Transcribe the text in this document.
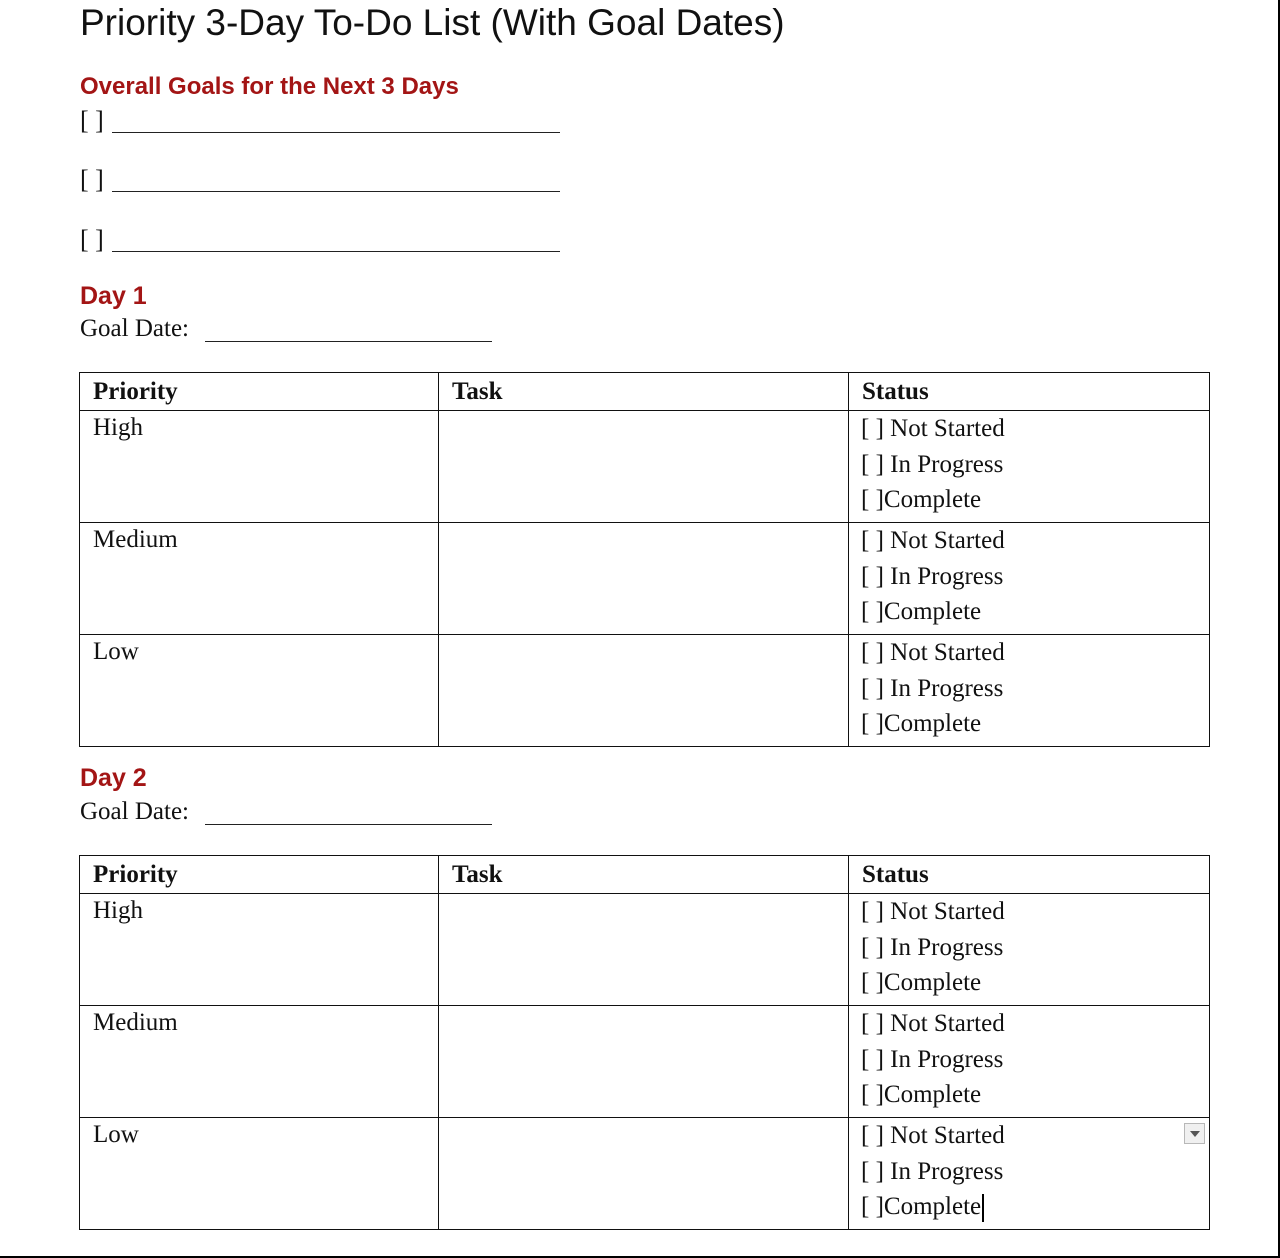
Priority 3-Day To-Do List (With Goal Dates)
Overall Goals for the Next 3 Days
[ ]
[ ]
[ ]
Day 1
Goal Date:
Priority	Task	Status
High		[ ] Not Started
[ ] In Progress
[ ]Complete

Medium		[ ] Not Started
[ ] In Progress
[ ]Complete

Low		[ ] Not Started
[ ] In Progress
[ ]Complete
Day 2
Goal Date:
Priority	Task	Status
High		[ ] Not Started
[ ] In Progress
[ ]Complete

Medium		[ ] Not Started
[ ] In Progress
[ ]Complete

Low		[ ] Not Started
[ ] In Progress
[ ]Complete
